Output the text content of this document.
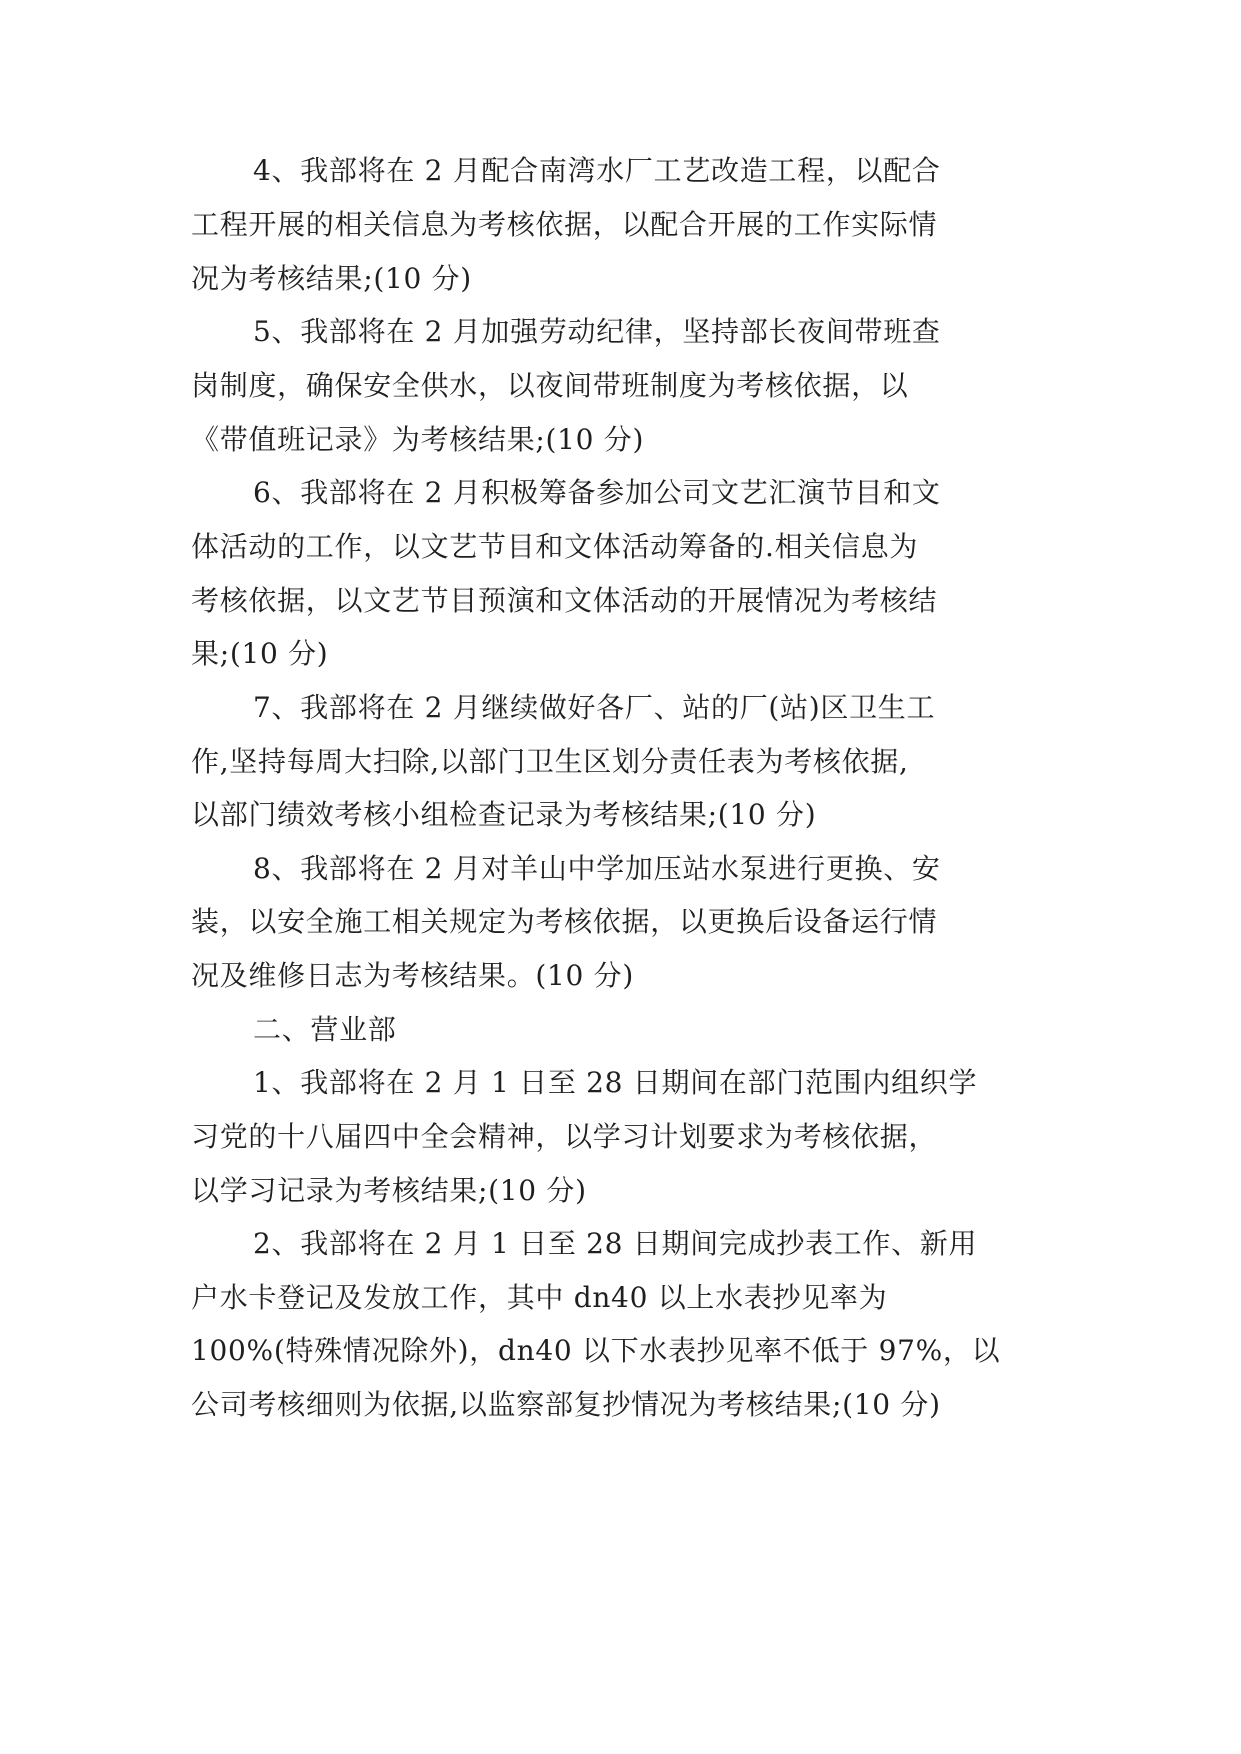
4、我部将在 2 月配合南湾水厂工艺改造工程，以配合
工程开展的相关信息为考核依据，以配合开展的工作实际情
况为考核结果;(10 分)
5、我部将在 2 月加强劳动纪律，坚持部长夜间带班查
岗制度，确保安全供水，以夜间带班制度为考核依据，以
《带值班记录》为考核结果;(10 分)
6、我部将在 2 月积极筹备参加公司文艺汇演节目和文
体活动的工作，以文艺节目和文体活动筹备的.相关信息为
考核依据，以文艺节目预演和文体活动的开展情况为考核结
果;(10 分)
7、我部将在 2 月继续做好各厂、站的厂(站)区卫生工
作,坚持每周大扫除,以部门卫生区划分责任表为考核依据,
以部门绩效考核小组检查记录为考核结果;(10 分)
8、我部将在 2 月对羊山中学加压站水泵进行更换、安
装，以安全施工相关规定为考核依据，以更换后设备运行情
况及维修日志为考核结果。(10 分)
二、营业部
1、我部将在 2 月 1 日至 28 日期间在部门范围内组织学
习党的十八届四中全会精神，以学习计划要求为考核依据，
以学习记录为考核结果;(10 分)
2、我部将在 2 月 1 日至 28 日期间完成抄表工作、新用
户水卡登记及发放工作，其中 dn40 以上水表抄见率为
100%(特殊情况除外)，dn40 以下水表抄见率不低于 97%，以
公司考核细则为依据,以监察部复抄情况为考核结果;(10 分)
